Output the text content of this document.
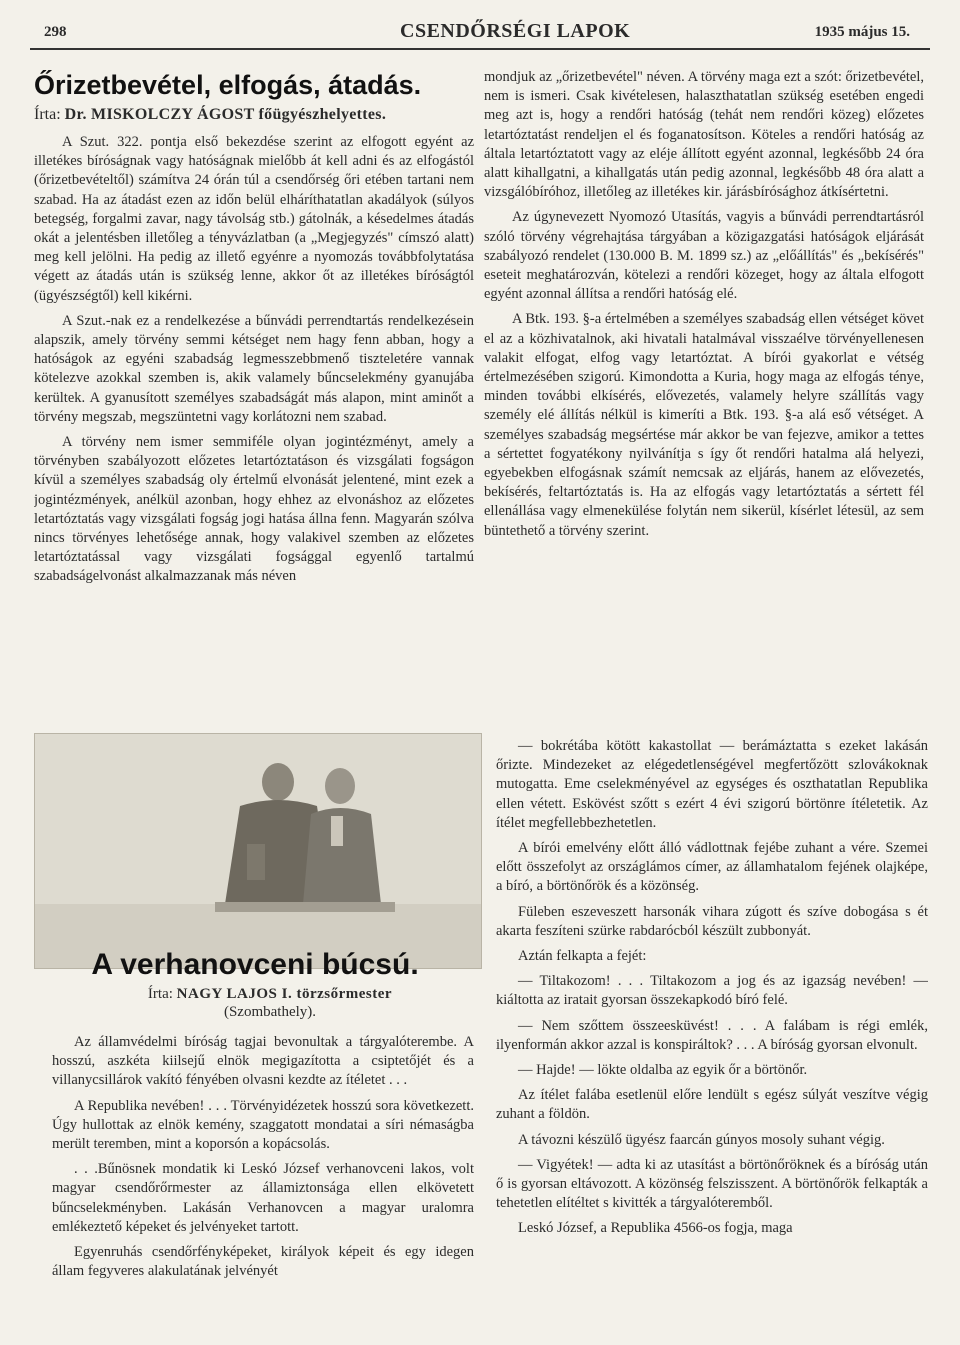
298	CSENDŐRSÉGI LAPOK	1935 május 15.
Őrizetbevétel, elfogás, átadás.
Írta: Dr. MISKOLCZY ÁGOST főügyészhelyettes.

A Szut. 322. pontja első bekezdése szerint az elfogott egyént az illetékes bíróságnak vagy hatóságnak mielőbb át kell adni és az elfogástól (őrizetbevételtől) számítva 24 órán túl a csendőrség őri etében tartani nem szabad. Ha az átadást ezen az időn belül elháríthatatlan akadályok (súlyos betegség, forgalmi zavar, nagy távolság stb.) gátolnák, a késedelmes átadás okát a jelentésben illetőleg a tényvázlatban (a „Megjegyzés" címszó alatt) meg kell jelölni. Ha pedig az illető egyénre a nyomozás továbbfolytatása végett az átadás után is szükség lenne, akkor őt az illetékes bíróságtól (ügyészségtől) kell kikérni.

A Szut.-nak ez a rendelkezése a bűnvádi perrendtartás rendelkezésein alapszik, amely törvény semmi kétséget nem hagy fenn abban, hogy a hatóságok az egyéni szabadság legmesszebbmenő tiszteletére vannak kötelezve azokkal szemben is, akik valamely bűncselekmény gyanujába kerültek. A gyanusított személyes szabadságát más alapon, mint aminőt a törvény megszab, megszüntetni vagy korlátozni nem szabad.

A törvény nem ismer semmiféle olyan jogintézményt, amely a törvényben szabályozott előzetes letartóztatáson és vizsgálati fogságon kívül a személyes szabadság oly értelmű elvonását jelentené, mint ezek a jogintézmények, anélkül azonban, hogy ehhez az elvonáshoz az előzetes letartóztatás vagy vizsgálati fogság jogi hatása állna fenn. Magyarán szólva nincs törvényes lehetősége annak, hogy valakivel szemben az előzetes letartóztatással vagy vizsgálati fogsággal egyenlő tartalmú szabadságelvonást alkalmazzanak más néven

mondjuk az „őrizetbevétel" néven. A törvény maga ezt a szót: őrizetbevétel, nem is ismeri. Csak kivételesen, halaszthatatlan szükség esetében engedi meg azt is, hogy a rendőri hatóság (tehát nem rendőri közeg) előzetes letartóztatást rendeljen el és foganatosítson. Köteles a rendőri hatóság az általa letartóztatott vagy az eléje állított egyént azonnal, legkésőbb 24 óra alatt kihallgatni, a kihallgatás után pedig azonnal, legkésőbb 48 óra alatt a vizsgálóbíróhoz, illetőleg az illetékes kir. járásbírósághoz átkísértetni.

Az úgynevezett Nyomozó Utasítás, vagyis a bűnvádi perrendtartásról szóló törvény végrehajtása tárgyában a közigazgatási hatóságok eljárását szabályozó rendelet (130.000 B. M. 1899 sz.) az „előállítás" és „bekísérés" eseteit meghatározván, kötelezi a rendőri közeget, hogy az általa elfogott egyént azonnal állítsa a rendőri hatóság elé.

A Btk. 193. §-a értelmében a személyes szabadság ellen vétséget követ el az a közhivatalnok, aki hivatali hatalmával visszaélve törvényellenesen valakit elfogat, elfog vagy letartóztat. A bírói gyakorlat e vétség értelmezésében szigorú. Kimondotta a Kuria, hogy maga az elfogás ténye, minden további elkísérés, elővezetés, valamely helyre szállítás vagy személy elé állítás nélkül is kimeríti a Btk. 193. §-a alá eső vétséget. A személyes szabadság megsértése már akkor be van fejezve, amikor a tettes a sértettet fogyatékony nyilvánítja s így őt rendőri hatalma alá helyezi, egyebekben elfogásnak számít nemcsak az eljárás, hanem az elővezetés, bekísérés, feltartóztatás is. Ha az elfogás vagy letartóztatás a sértett fél ellenállása vagy elmenekülése folytán nem sikerül, kísérlet létesül, az sem büntethető a törvény szerint.

A verhanovceni búcsú.
Írta: NAGY LAJOS I. törzsőrmester
(Szombathely).

Az államvédelmi bíróság tagjai bevonultak a tárgyalóterembe. A hosszú, aszkéta kiilsejű elnök megigazította a csiptetőjét és a villanycsillárok vakító fényében olvasni kezdte az ítéletet . . .

A Republika nevében! . . . Törvényidézetek hosszú sora következett. Úgy hullottak az elnök kemény, szaggatott mondatai a síri némaságba merült teremben, mint a koporsón a kopácsolás.

. . .Bűnösnek mondatik ki Leskó József verhanovceni lakos, volt magyar csendőrőrmester az államiztonsága ellen elkövetett bűncselekményben. Lakásán Verhanovcen a magyar uralomra emlékeztető képeket és jelvényeket tartott.

Egyenruhás csendőrfényképeket, királyok képeit és egy idegen állam fegyveres alakulatának jelvényét

— bokrétába kötött kakastollat — berámáztatta s ezeket lakásán őrizte. Mindezeket az elégedetlenségével megfertőzött szlovákoknak mutogatta. Eme cselekményével az egységes és oszthatatlan Republika ellen vétett. Eskövést szőtt s ezért 4 évi szigorú börtönre ítéletetik. Az ítélet megfellebbezhetetlen.

A bírói emelvény előtt álló vádlottnak fejébe zuhant a vére. Szemei előtt összefolyt az országlámos címer, az államhatalom fejének olajképe, a bíró, a börtönőrök és a közönség.

Füleben eszeveszett harsonák vihara zúgott és szíve dobogása s ét akarta feszíteni szürke rabdarócból készült zubbonyát.

Aztán felkapta a fejét:

— Tiltakozom! . . . Tiltakozom a jog és az igazság nevében! — kiáltotta az iratait gyorsan összekapkodó bíró felé.

— Nem szőttem összeesküvést! . . . A falábam is régi emlék, ilyenformán akkor azzal is konspiráltok? . . . A bíróság gyorsan elvonult.

— Hajde! — lökte oldalba az egyik őr a börtönőr.

Az ítélet falába esetlenül előre lendült s egész súlyát veszítve végig zuhant a földön.

A távozni készülő ügyész faarcán gúnyos mosoly suhant végig.

— Vigyétek! — adta ki az utasítást a börtönőröknek és a bíróság után ő is gyorsan eltávozott. A közönség felszisszent. A börtönőrök felkapták a tehetetlen elítéltet s kivitték a tárgyalóteremből.

Leskó József, a Republika 4566-os fogja, maga
